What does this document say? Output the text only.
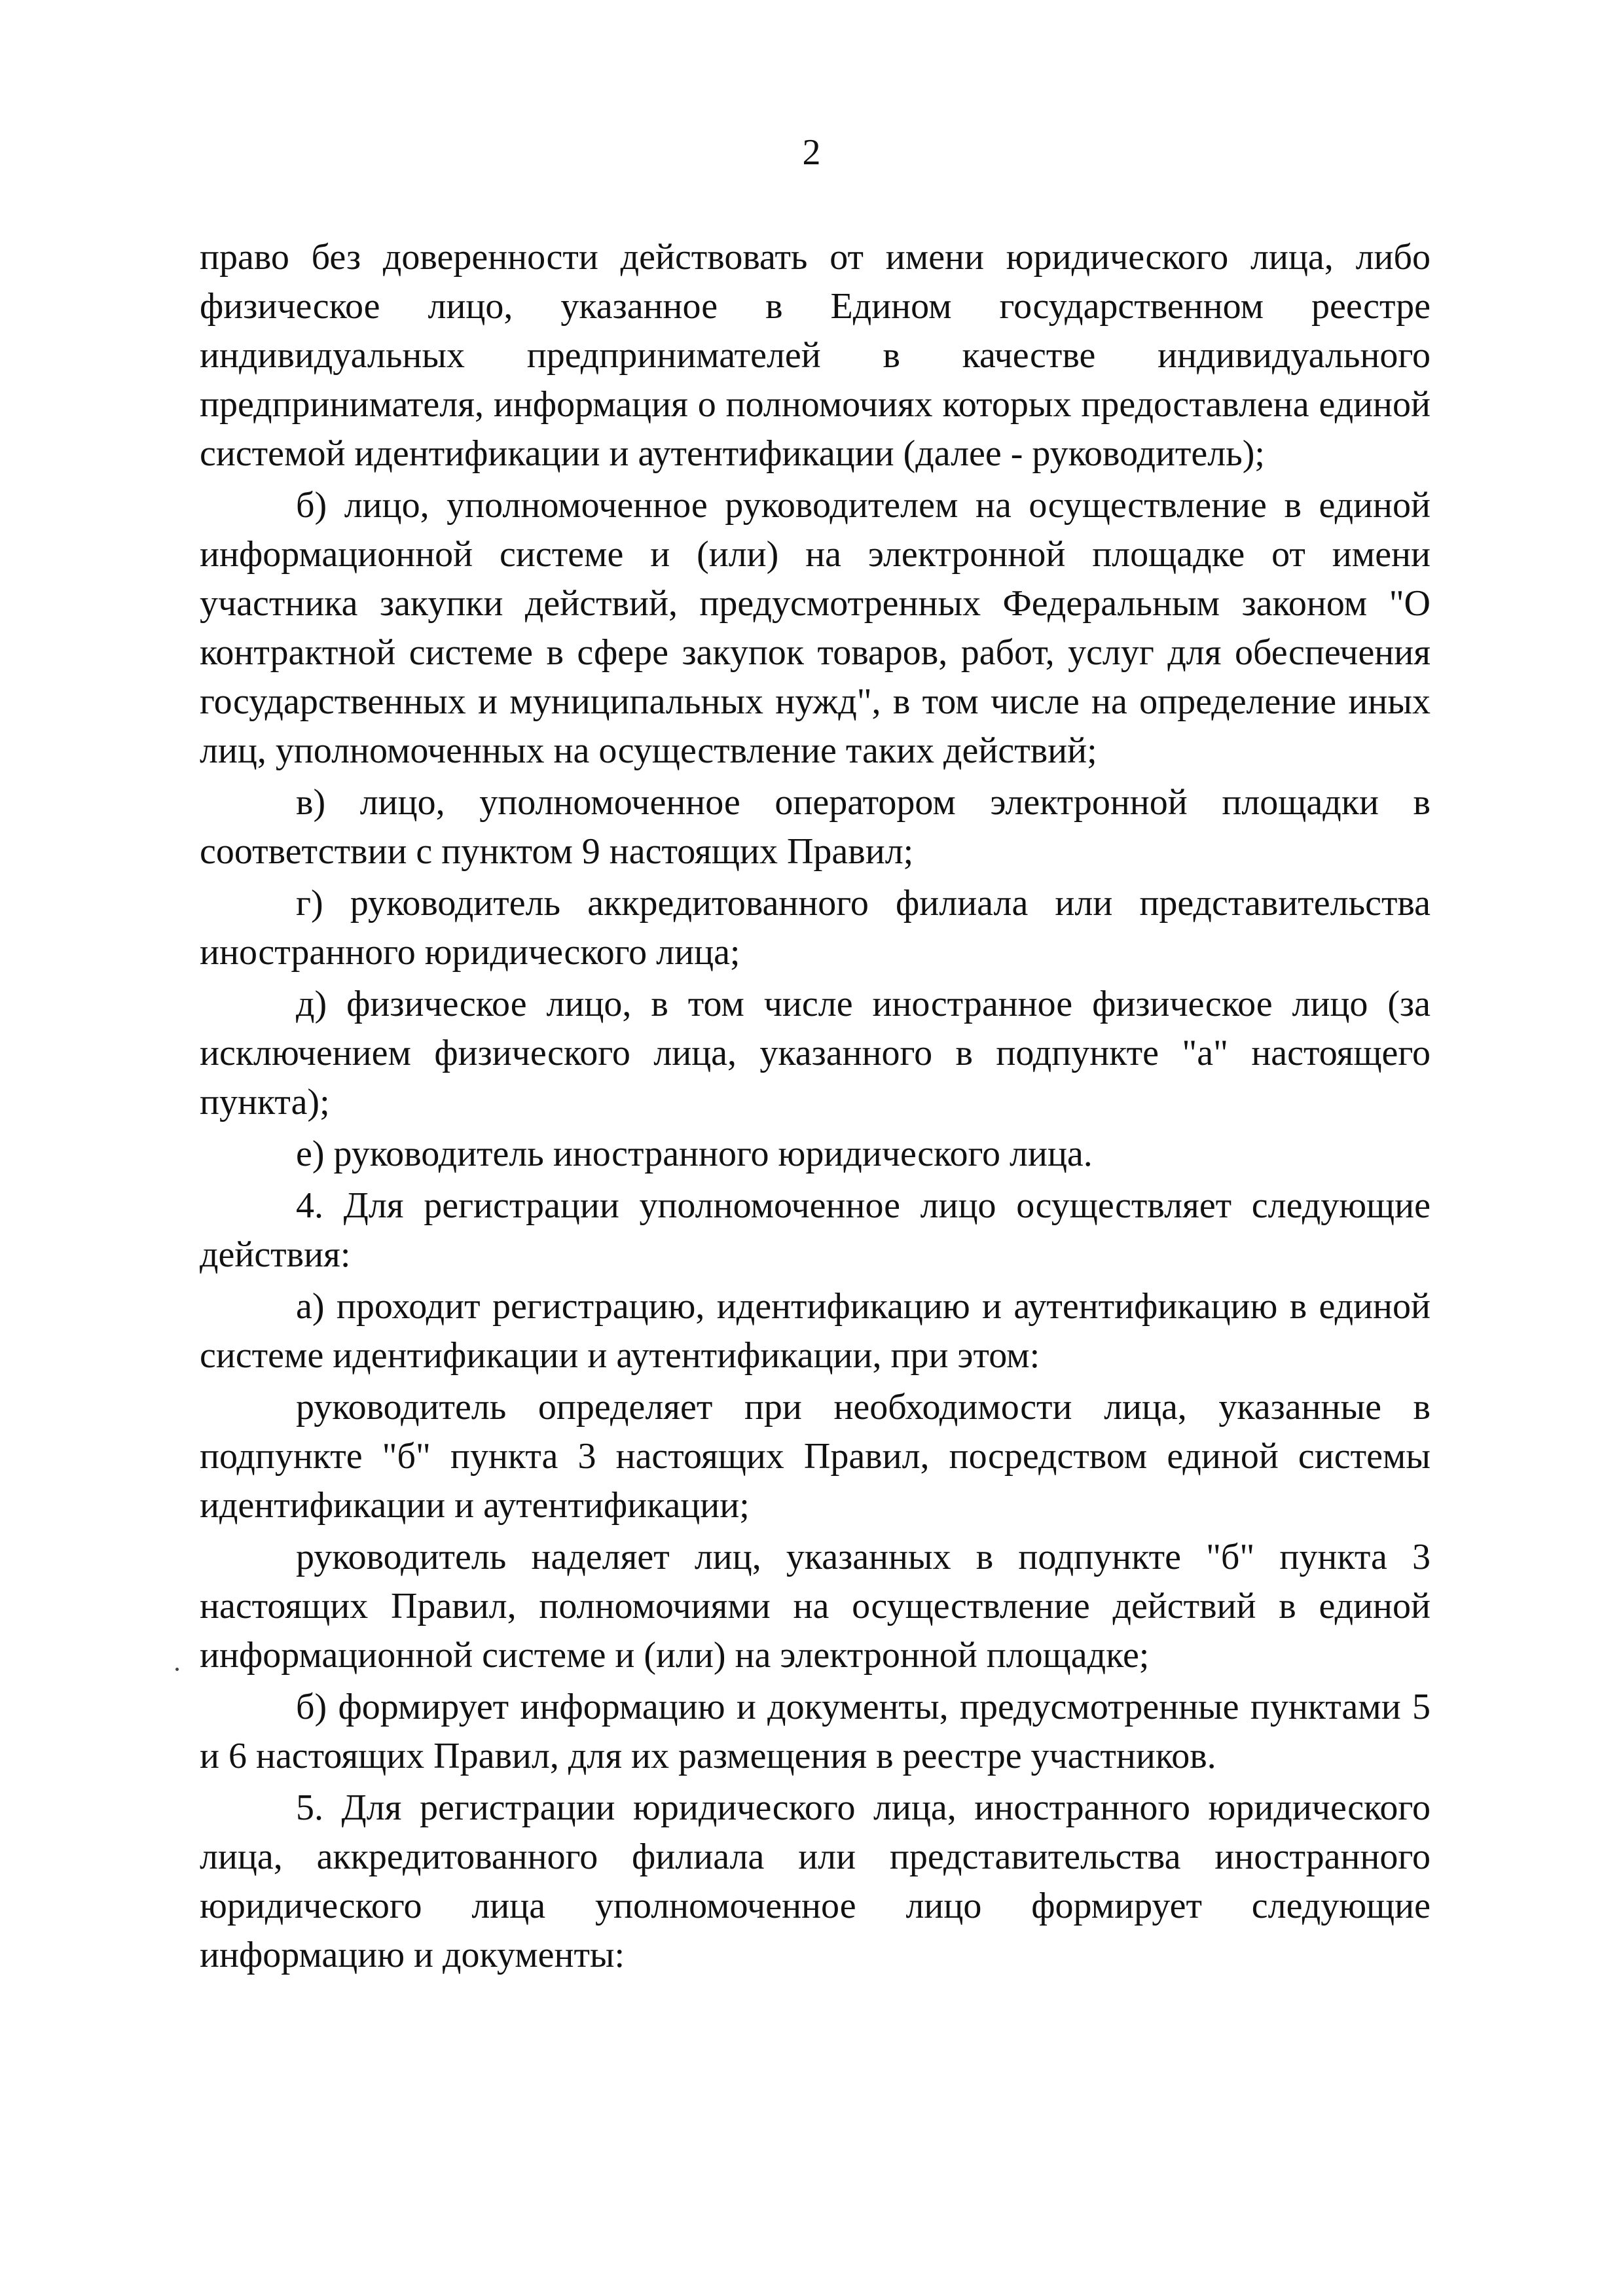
2

право без доверенности действовать от имени юридического лица, либо физическое лицо, указанное в Едином государственном реестре индивидуальных предпринимателей в качестве индивидуального предпринимателя, информация о полномочиях которых предоставлена единой системой идентификации и аутентификации (далее - руководитель);

б) лицо, уполномоченное руководителем на осуществление в единой информационной системе и (или) на электронной площадке от имени участника закупки действий, предусмотренных Федеральным законом "О контрактной системе в сфере закупок товаров, работ, услуг для обеспечения государственных и муниципальных нужд", в том числе на определение иных лиц, уполномоченных на осуществление таких действий;

в) лицо, уполномоченное оператором электронной площадки в соответствии с пунктом 9 настоящих Правил;

г) руководитель аккредитованного филиала или представительства иностранного юридического лица;

д) физическое лицо, в том числе иностранное физическое лицо (за исключением физического лица, указанного в подпункте "а" настоящего пункта);

е) руководитель иностранного юридического лица.

4. Для регистрации уполномоченное лицо осуществляет следующие действия:

а) проходит регистрацию, идентификацию и аутентификацию в единой системе идентификации и аутентификации, при этом:

руководитель определяет при необходимости лица, указанные в подпункте "б" пункта 3 настоящих Правил, посредством единой системы идентификации и аутентификации;

руководитель наделяет лиц, указанных в подпункте "б" пункта 3 настоящих Правил, полномочиями на осуществление действий в единой информационной системе и (или) на электронной площадке;

б) формирует информацию и документы, предусмотренные пунктами 5 и 6 настоящих Правил, для их размещения в реестре участников.

5. Для регистрации юридического лица, иностранного юридического лица, аккредитованного филиала или представительства иностранного юридического лица уполномоченное лицо формирует следующие информацию и документы:
